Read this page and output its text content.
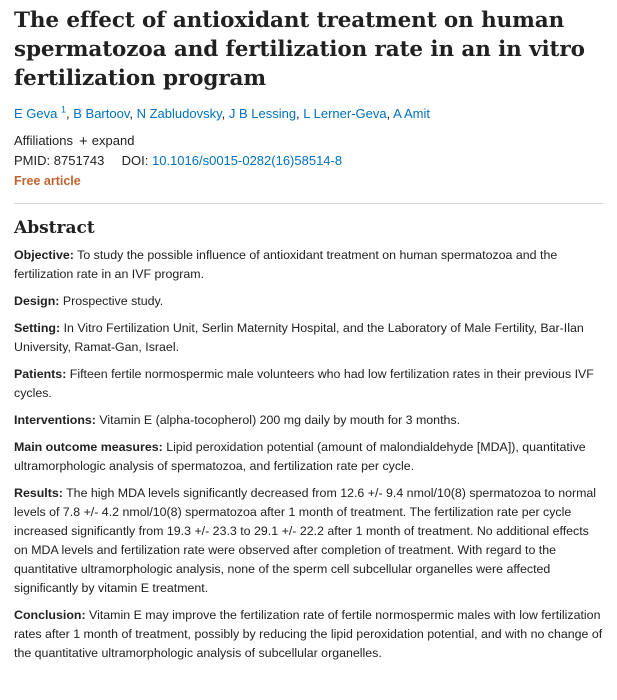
The effect of antioxidant treatment on human spermatozoa and fertilization rate in an in vitro fertilization program
E Geva $^1$, B Bartoov, N Zabludovsky, J B Lessing, L Lerner-Geva, A Amit
Affiliations + expand
PMID: 8751743 DOI: 10.1016/s0015-0282(16)58514-8
Free article
Abstract

Objective: To study the possible influence of antioxidant treatment on human spermatozoa and the fertilization rate in an IVF program.

Design: Prospective study.

Setting: In Vitro Fertilization Unit, Serlin Maternity Hospital, and the Laboratory of Male Fertility, Bar-Ilan University, Ramat-Gan, Israel.

Patients: Fifteen fertile normospermic male volunteers who had low fertilization rates in their previous IVF cycles.

Interventions: Vitamin E (alpha-tocopherol) 200 mg daily by mouth for 3 months.

Main outcome measures: Lipid peroxidation potential (amount of malondialdehyde [MDA]), quantitative ultramorphologic analysis of spermatozoa, and fertilization rate per cycle.

Results: The high MDA levels significantly decreased from 12.6 +/- 9.4 nmol/10(8) spermatozoa to normal levels of 7.8 +/- 4.2 nmol/10(8) spermatozoa after 1 month of treatment. The fertilization rate per cycle increased significantly from 19.3 +/- 23.3 to 29.1 +/- 22.2 after 1 month of treatment. No additional effects on MDA levels and fertilization rate were observed after completion of treatment. With regard to the quantitative ultramorphologic analysis, none of the sperm cell subcellular organelles were affected significantly by vitamin E treatment.

Conclusion: Vitamin E may improve the fertilization rate of fertile normospermic males with low fertilization rates after 1 month of treatment, possibly by reducing the lipid peroxidation potential, and with no change of the quantitative ultramorphologic analysis of subcellular organelles.
